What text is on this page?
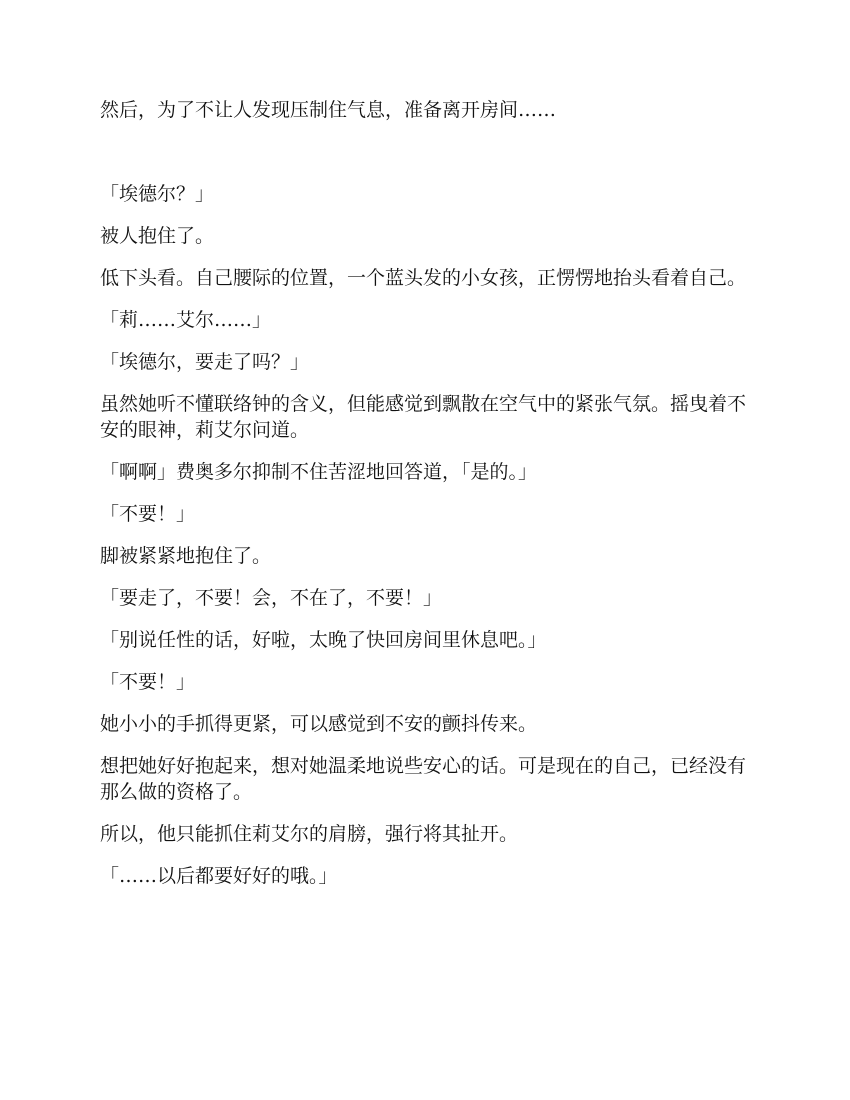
然后，为了不让人发现压制住气息，准备离开房间……

「埃德尔？」

被人抱住了。

低下头看。自己腰际的位置，一个蓝头发的小女孩，正愣愣地抬头看着自己。

「莉……艾尔……」

「埃德尔，要走了吗？」

虽然她听不懂联络钟的含义，但能感觉到飘散在空气中的紧张气氛。摇曳着不安的眼神，莉艾尔问道。

「啊啊」费奥多尔抑制不住苦涩地回答道，「是的。」

「不要！」

脚被紧紧地抱住了。

「要走了，不要！会，不在了，不要！」

「别说任性的话，好啦，太晚了快回房间里休息吧。」

「不要！」

她小小的手抓得更紧，可以感觉到不安的颤抖传来。

想把她好好抱起来，想对她温柔地说些安心的话。可是现在的自己，已经没有那么做的资格了。

所以，他只能抓住莉艾尔的肩膀，强行将其扯开。

「……以后都要好好的哦。」
